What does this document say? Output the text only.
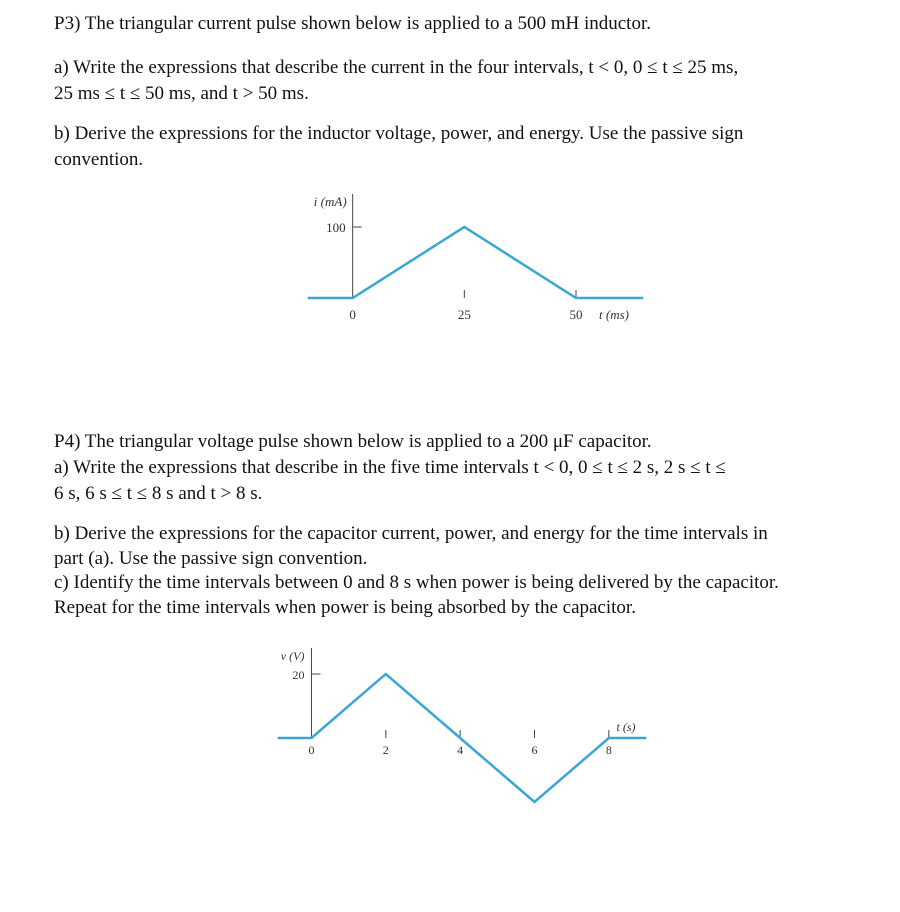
P3) The triangular current pulse shown below is applied to a 500 mH inductor.

a) Write the expressions that describe the current in the four intervals, t < 0, 0 ≤ t ≤ 25 ms,

25 ms ≤ t ≤ 50 ms, and t > 50 ms.

b) Derive the expressions for the inductor voltage, power, and energy. Use the passive sign

convention.

i (mA)
100
0	25	50 t (ms)

P4) The triangular voltage pulse shown below is applied to a 200 μF capacitor.

a) Write the expressions that describe in the five time intervals t < 0, 0 ≤ t ≤ 2 s, 2 s ≤ t ≤

6 s, 6 s ≤ t ≤ 8 s and t > 8 s.

b) Derive the expressions for the capacitor current, power, and energy for the time intervals in

part (a). Use the passive sign convention.

c) Identify the time intervals between 0 and 8 s when power is being delivered by the capacitor.

Repeat for the time intervals when power is being absorbed by the capacitor.

v (V)
20
0	2	4	6	8
t (s)
